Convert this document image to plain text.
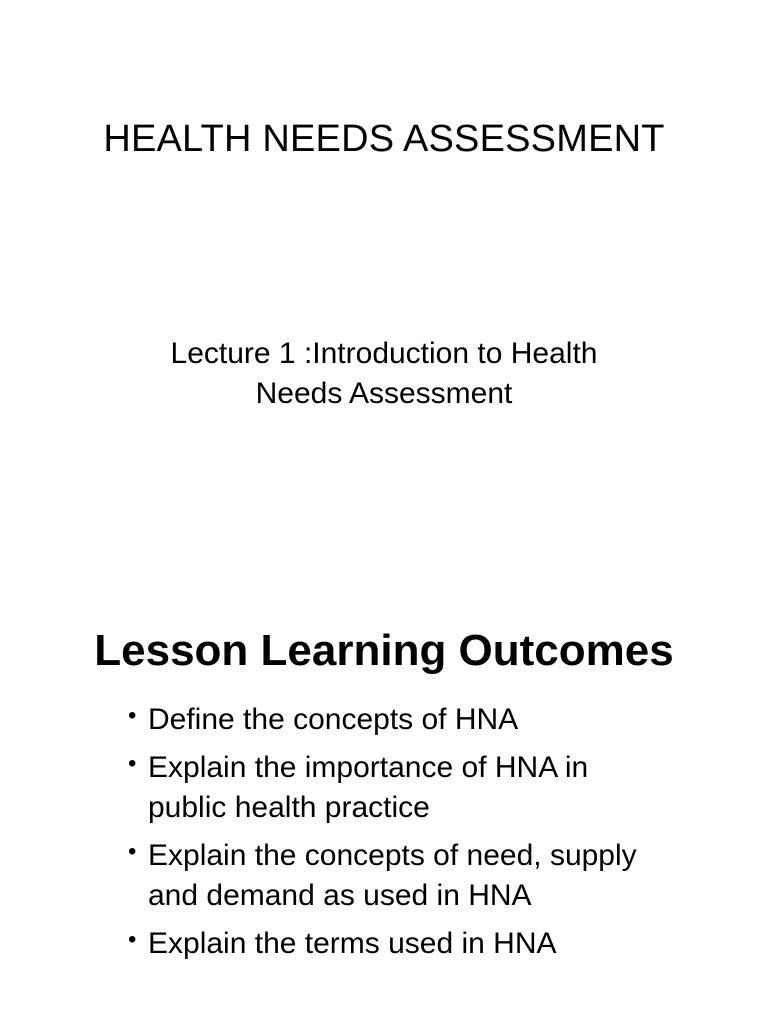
HEALTH NEEDS ASSESSMENT

Lecture 1 :Introduction to Health
Needs Assessment

Lesson Learning Outcomes
• Define the concepts of HNA
• Explain the importance of HNA in
public health practice
• Explain the concepts of need, supply
and demand as used in HNA
• Explain the terms used in HNA
